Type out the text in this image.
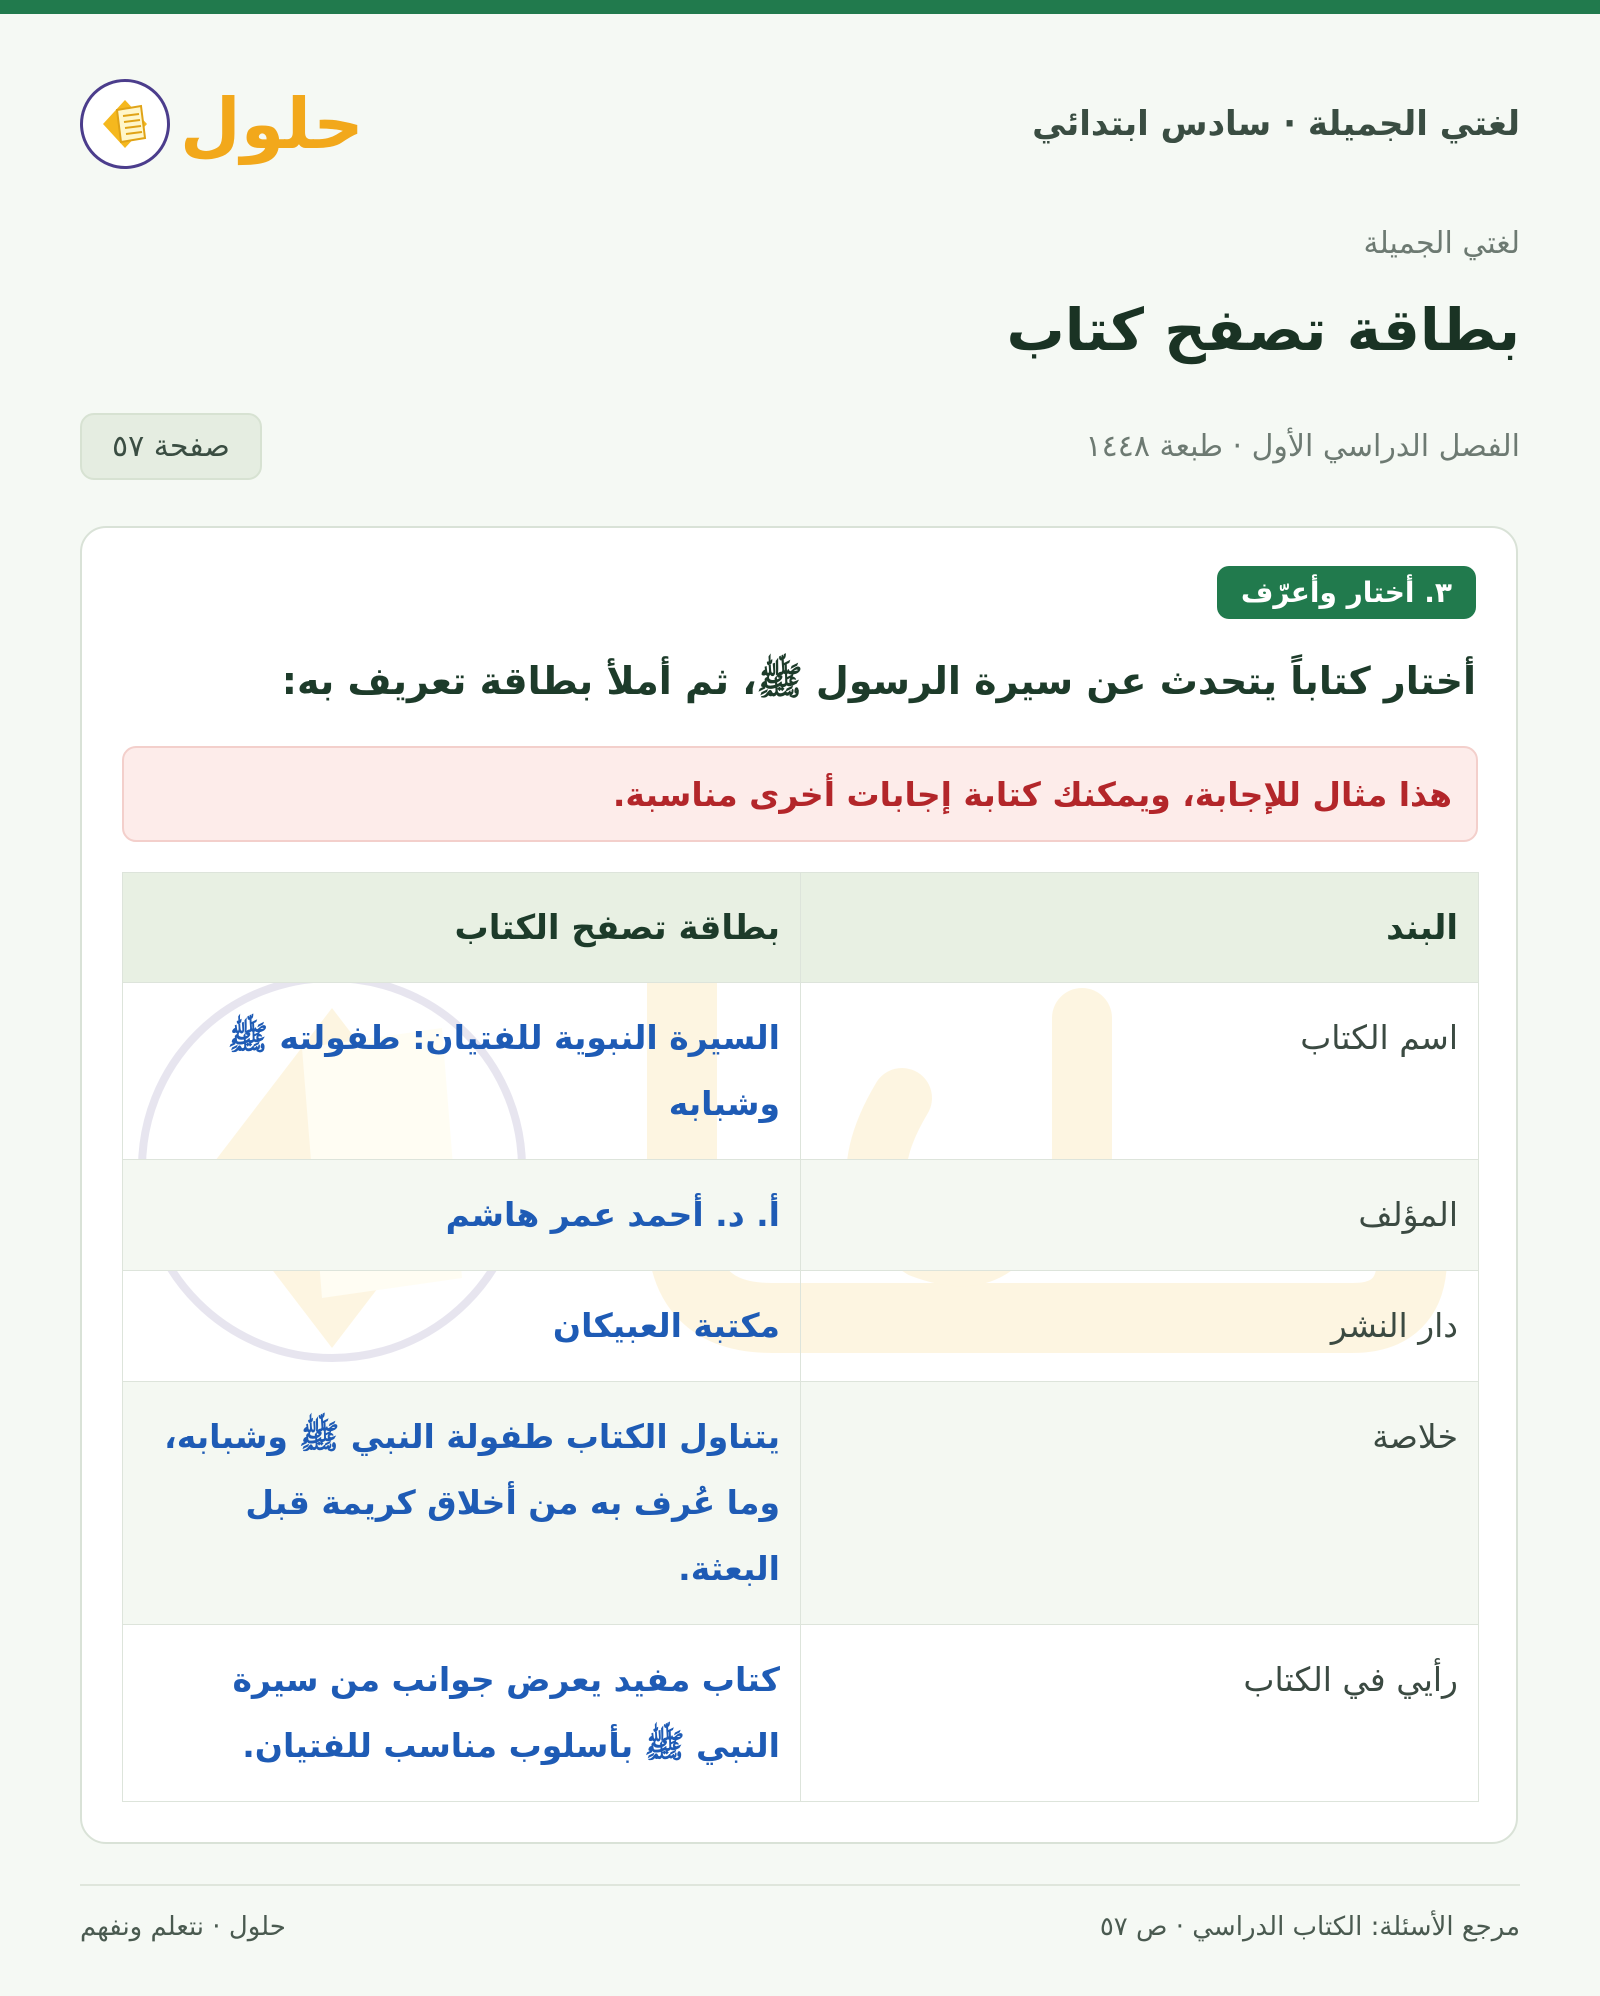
لغتي الجميلة · سادس ابتدائي
حلول
لغتي الجميلة
بطاقة تصفح كتاب
الفصل الدراسي الأول · طبعة ١٤٤٨
صفحة ٥٧
٣. أختار وأعرّف

أختار كتاباً يتحدث عن سيرة الرسول ﷺ، ثم أملأ بطاقة تعريف به:

هذا مثال للإجابة، ويمكنك كتابة إجابات أخرى مناسبة.
البند	بطاقة تصفح الكتاب
اسم الكتاب	السيرة النبوية للفتيان: طفولته ﷺ وشبابه
المؤلف	أ. د. أحمد عمر هاشم
دار النشر	مكتبة العبيكان
خلاصة	يتناول الكتاب طفولة النبي ﷺ وشبابه، وما عُرف به من أخلاق كريمة قبل البعثة.
رأيي في الكتاب	كتاب مفيد يعرض جوانب من سيرة النبي ﷺ بأسلوب مناسب للفتيان.
مرجع الأسئلة: الكتاب الدراسي · ص ٥٧
حلول · نتعلم ونفهم
